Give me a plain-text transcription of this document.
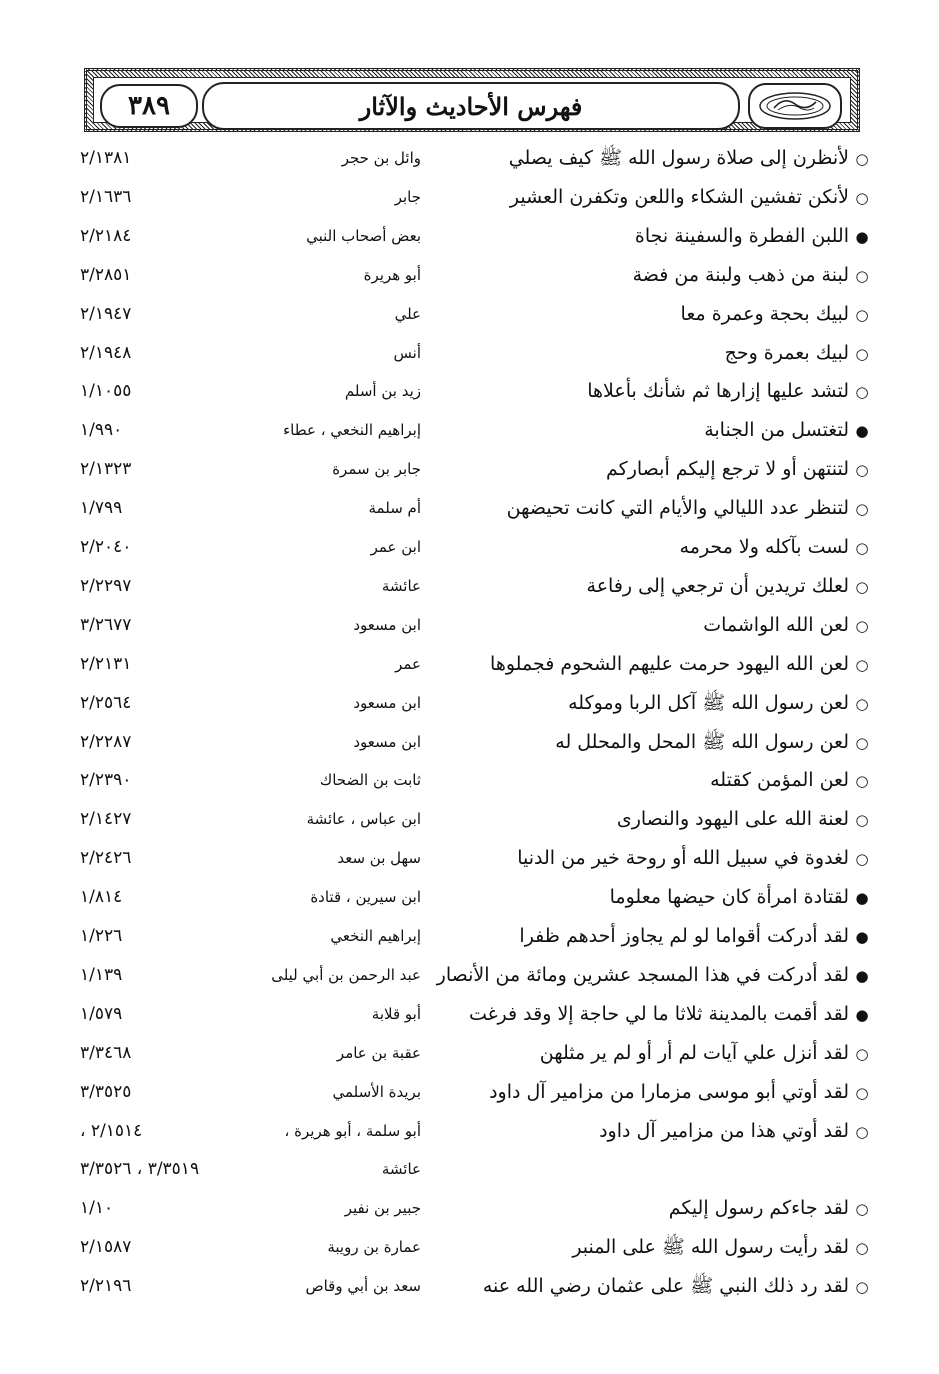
٣٨٩	فهرس الأحاديث والآثار
○لأنظرن إلى صلاة رسول الله ﷺ كيف يصلي
وائل بن حجر
٢/١٣٨١
○لأنكن تفشين الشكاء واللعن وتكفرن العشير
جابر
٢/١٦٣٦
●اللبن الفطرة والسفينة نجاة
بعض أصحاب النبي
٢/٢١٨٤
○لبنة من ذهب ولبنة من فضة
أبو هريرة
٣/٢٨٥١
○لبيك بحجة وعمرة معا
علي
٢/١٩٤٧
○لبيك بعمرة وحج
أنس
٢/١٩٤٨
○لتشد عليها إزارها ثم شأنك بأعلاها
زيد بن أسلم
١/١٠٥٥
●لتغتسل من الجنابة
إبراهيم النخعي ، عطاء
١/٩٩٠
○لتنتهن أو لا ترجع إليكم أبصاركم
جابر بن سمرة
٢/١٣٢٣
○لتنظر عدد الليالي والأيام التي كانت تحيضهن
أم سلمة
١/٧٩٩
○لست بآكله ولا محرمه
ابن عمر
٢/٢٠٤٠
○لعلك تريدين أن ترجعي إلى رفاعة
عائشة
٢/٢٢٩٧
○لعن الله الواشمات
ابن مسعود
٣/٢٦٧٧
○لعن الله اليهود حرمت عليهم الشحوم فجملوها
عمر
٢/٢١٣١
○لعن رسول الله ﷺ آكل الربا وموكله
ابن مسعود
٢/٢٥٦٤
○لعن رسول الله ﷺ المحل والمحلل له
ابن مسعود
٢/٢٢٨٧
○لعن المؤمن كقتله
ثابت بن الضحاك
٢/٢٣٩٠
○لعنة الله على اليهود والنصارى
ابن عباس ، عائشة
٢/١٤٢٧
○لغدوة في سبيل الله أو روحة خير من الدنيا
سهل بن سعد
٢/٢٤٢٦
●لقتادة امرأة كان حيضها معلوما
ابن سيرين ، قتادة
١/٨١٤
●لقد أدركت أقواما لو لم يجاوز أحدهم ظفرا
إبراهيم النخعي
١/٢٢٦
●لقد أدركت في هذا المسجد عشرين ومائة من الأنصار
عبد الرحمن بن أبي ليلى
١/١٣٩
●لقد أقمت بالمدينة ثلاثا ما لي حاجة إلا وقد فرغت
أبو قلابة
١/٥٧٩
○لقد أنزل علي آيات لم أر أو لم ير مثلهن
عقبة بن عامر
٣/٣٤٦٨
○لقد أوتي أبو موسى مزمارا من مزامير آل داود
بريدة الأسلمي
٣/٣٥٢٥
○لقد أوتي هذا من مزامير آل داود
أبو سلمة ، أبو هريرة ،
٢/١٥١٤ ،
عائشة
٣/٣٥١٩ ، ٣/٣٥٢٦
○لقد جاءكم رسول إليكم
جبير بن نفير
١/١٠
○لقد رأيت رسول الله ﷺ على المنبر
عمارة بن رويبة
٢/١٥٨٧
○لقد رد ذلك النبي ﷺ على عثمان رضي الله عنه
سعد بن أبي وقاص
٢/٢١٩٦
